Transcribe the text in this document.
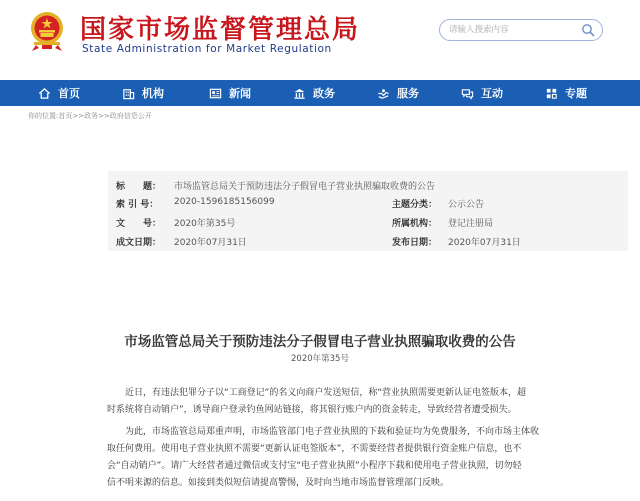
国家市场监督管理总局
State Administration for Market Regulation
请输入搜索内容
首页	机构	新闻	政务	服务	互动	专题
你的位置:首页>>政务>>政府信息公开
标　　题： 市场监管总局关于预防违法分子假冒电子营业执照骗取收费的公告
索 引 号： 2020-1596185156099	主题分类： 公示公告
文　　号： 2020年第35号	所属机构： 登记注册局
成文日期： 2020年07月31日	发布日期： 2020年07月31日
市场监管总局关于预防违法分子假冒电子营业执照骗取收费的公告
2020年第35号
近日，有违法犯罪分子以“工商登记”的名义向商户发送短信，称“营业执照需要更新认证电签版本，超
时系统将自动销户”，诱导商户登录钓鱼网站链接，将其银行账户内的资金转走，导致经营者遭受损失。
为此，市场监管总局郑重声明，市场监管部门电子营业执照的下载和验证均为免费服务，不向市场主体收
取任何费用。使用电子营业执照不需要“更新认证电签版本”，不需要经营者提供银行资金账户信息，也不
会“自动销户”。请广大经营者通过微信或支付宝“电子营业执照”小程序下载和使用电子营业执照，切勿轻
信不明来源的信息。如接到类似短信请提高警惕，及时向当地市场监督管理部门反映。
